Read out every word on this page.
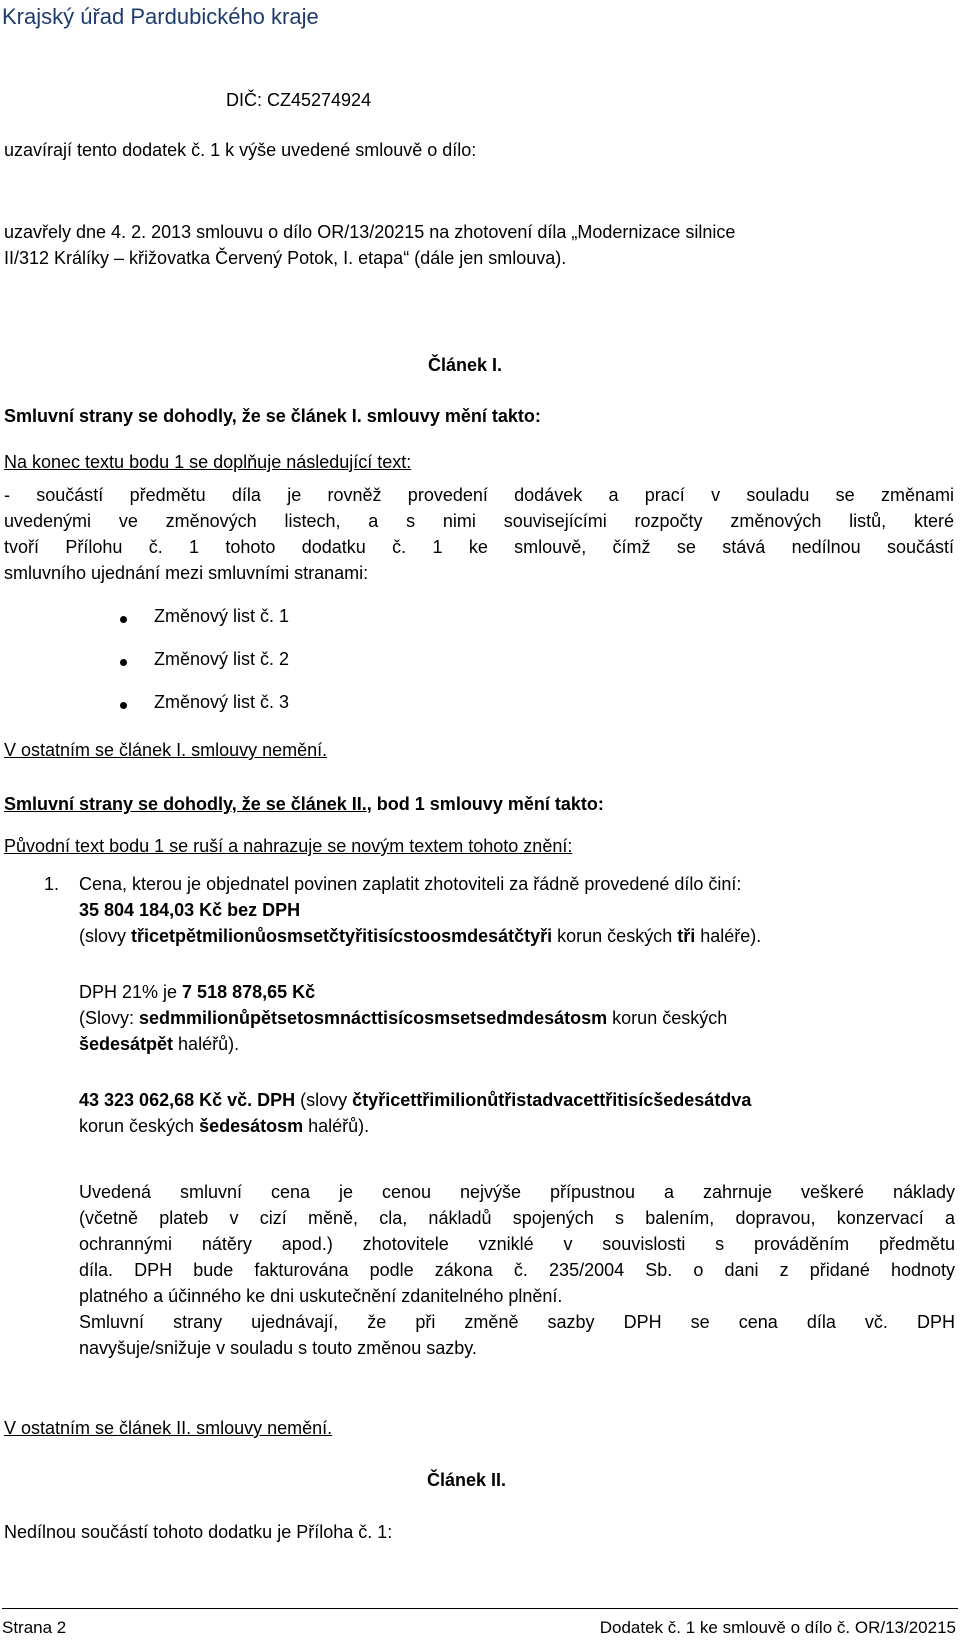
Krajský úřad Pardubického kraje
DIČ: CZ45274924
uzavírají tento dodatek č. 1 k výše uvedené smlouvě o dílo:
uzavřely dne 4. 2. 2013 smlouvu o dílo OR/13/20215 na zhotovení díla „Modernizace silnice
II/312 Králíky – křižovatka Červený Potok, I. etapa“ (dále jen smlouva).
Článek I.
Smluvní strany se dohodly, že se článek I. smlouvy mění takto:
Na konec textu bodu 1 se doplňuje následující text:
- součástí předmětu díla je rovněž provedení dodávek a prací v souladu se změnami
uvedenými ve změnových listech, a s nimi souvisejícími rozpočty změnových listů, které
tvoří Přílohu č. 1 tohoto dodatku č. 1 ke smlouvě, čímž se stává nedílnou součástí
smluvního ujednání mezi smluvními stranami:
Změnový list č. 1
Změnový list č. 2
Změnový list č. 3
V ostatním se článek I. smlouvy nemění.
Smluvní strany se dohodly, že se článek II., bod 1 smlouvy mění takto:
Původní text bodu 1 se ruší a nahrazuje se novým textem tohoto znění:
1. Cena, kterou je objednatel povinen zaplatit zhotoviteli za řádně provedené dílo činí:
35 804 184,03 Kč bez DPH
(slovy třicetpětmilionůosmsetčtyřitisícstoosmdesátčtyři korun českých tři haléře).
DPH 21% je 7 518 878,65 Kč
(Slovy: sedmmilionůpětsetosmnácttisícosmsetsedmdesátosm korun českých
šedesátpět haléřů).
43 323 062,68 Kč vč. DPH (slovy čtyřicettřimilionůtřistadvacettřitisícšedesátdva
korun českých šedesátosm haléřů).
Uvedená smluvní cena je cenou nejvýše přípustnou a zahrnuje veškeré náklady
(včetně plateb v cizí měně, cla, nákladů spojených s balením, dopravou, konzervací a
ochrannými nátěry apod.) zhotovitele vzniklé v souvislosti s prováděním předmětu
díla. DPH bude fakturována podle zákona č. 235/2004 Sb. o dani z přidané hodnoty
platného a účinného ke dni uskutečnění zdanitelného plnění.
Smluvní strany ujednávají, že při změně sazby DPH se cena díla vč. DPH
navyšuje/snižuje v souladu s touto změnou sazby.
V ostatním se článek II. smlouvy nemění.
Článek II.
Nedílnou součástí tohoto dodatku je Příloha č. 1:
Strana 2	Dodatek č. 1 ke smlouvě o dílo č. OR/13/20215
